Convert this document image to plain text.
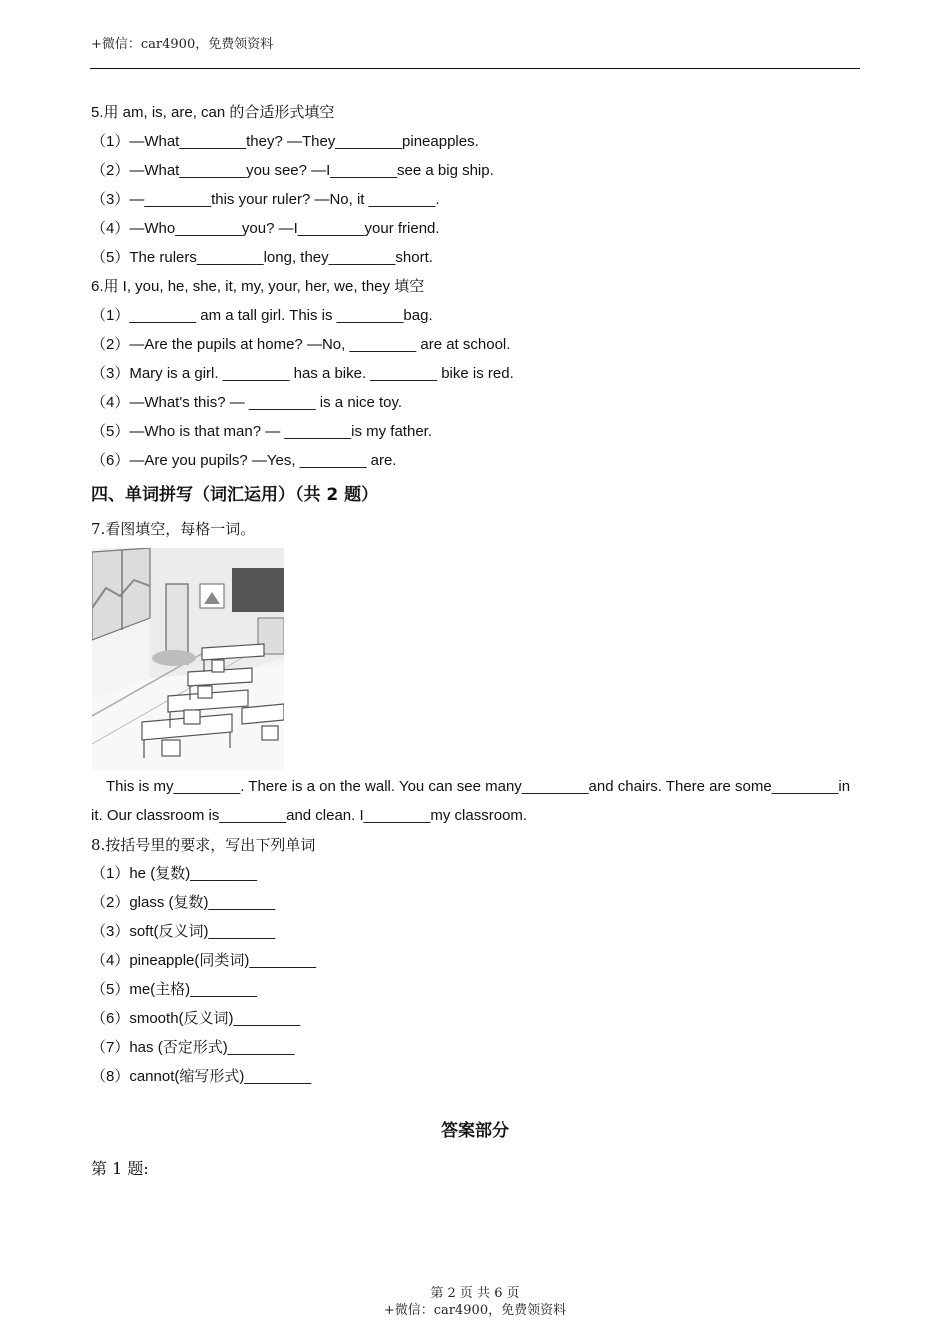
+微信：car4900，免费领资料
5.用 am, is, are, can 的合适形式填空
（1）—What________they? —They________pineapples.
（2）—What________you see? —I________see a big ship.
（3）—________this your ruler? —No, it ________.
（4）—Who________you? —I________your friend.
（5）The rulers________long, they________short.
6.用 I, you, he, she, it, my, your, her, we, they 填空
（1）________ am a tall girl. This is ________bag.
（2）—Are the pupils at home? —No, ________ are at school.
（3）Mary is a girl. ________ has a bike. ________ bike is red.
（4）—What's this? — ________ is a nice toy.
（5）—Who is that man? — ________is my father.
（6）—Are you pupils? —Yes, ________ are.
四、单词拼写（词汇运用）（共 2 题）
7.看图填空，每格一词。
This is my________. There is a on the wall. You can see many________and chairs. There are some________in
it. Our classroom is________and clean. I________my classroom.
8.按括号里的要求，写出下列单词
（1）he (复数)________
（2）glass (复数)________
（3）soft(反义词)________
（4）pineapple(同类词)________
（5）me(主格)________
（6）smooth(反义词)________
（7）has (否定形式)________
（8）cannot(缩写形式)________
答案部分
第 1 题:
第 2 页 共 6 页
+微信：car4900，免费领资料
